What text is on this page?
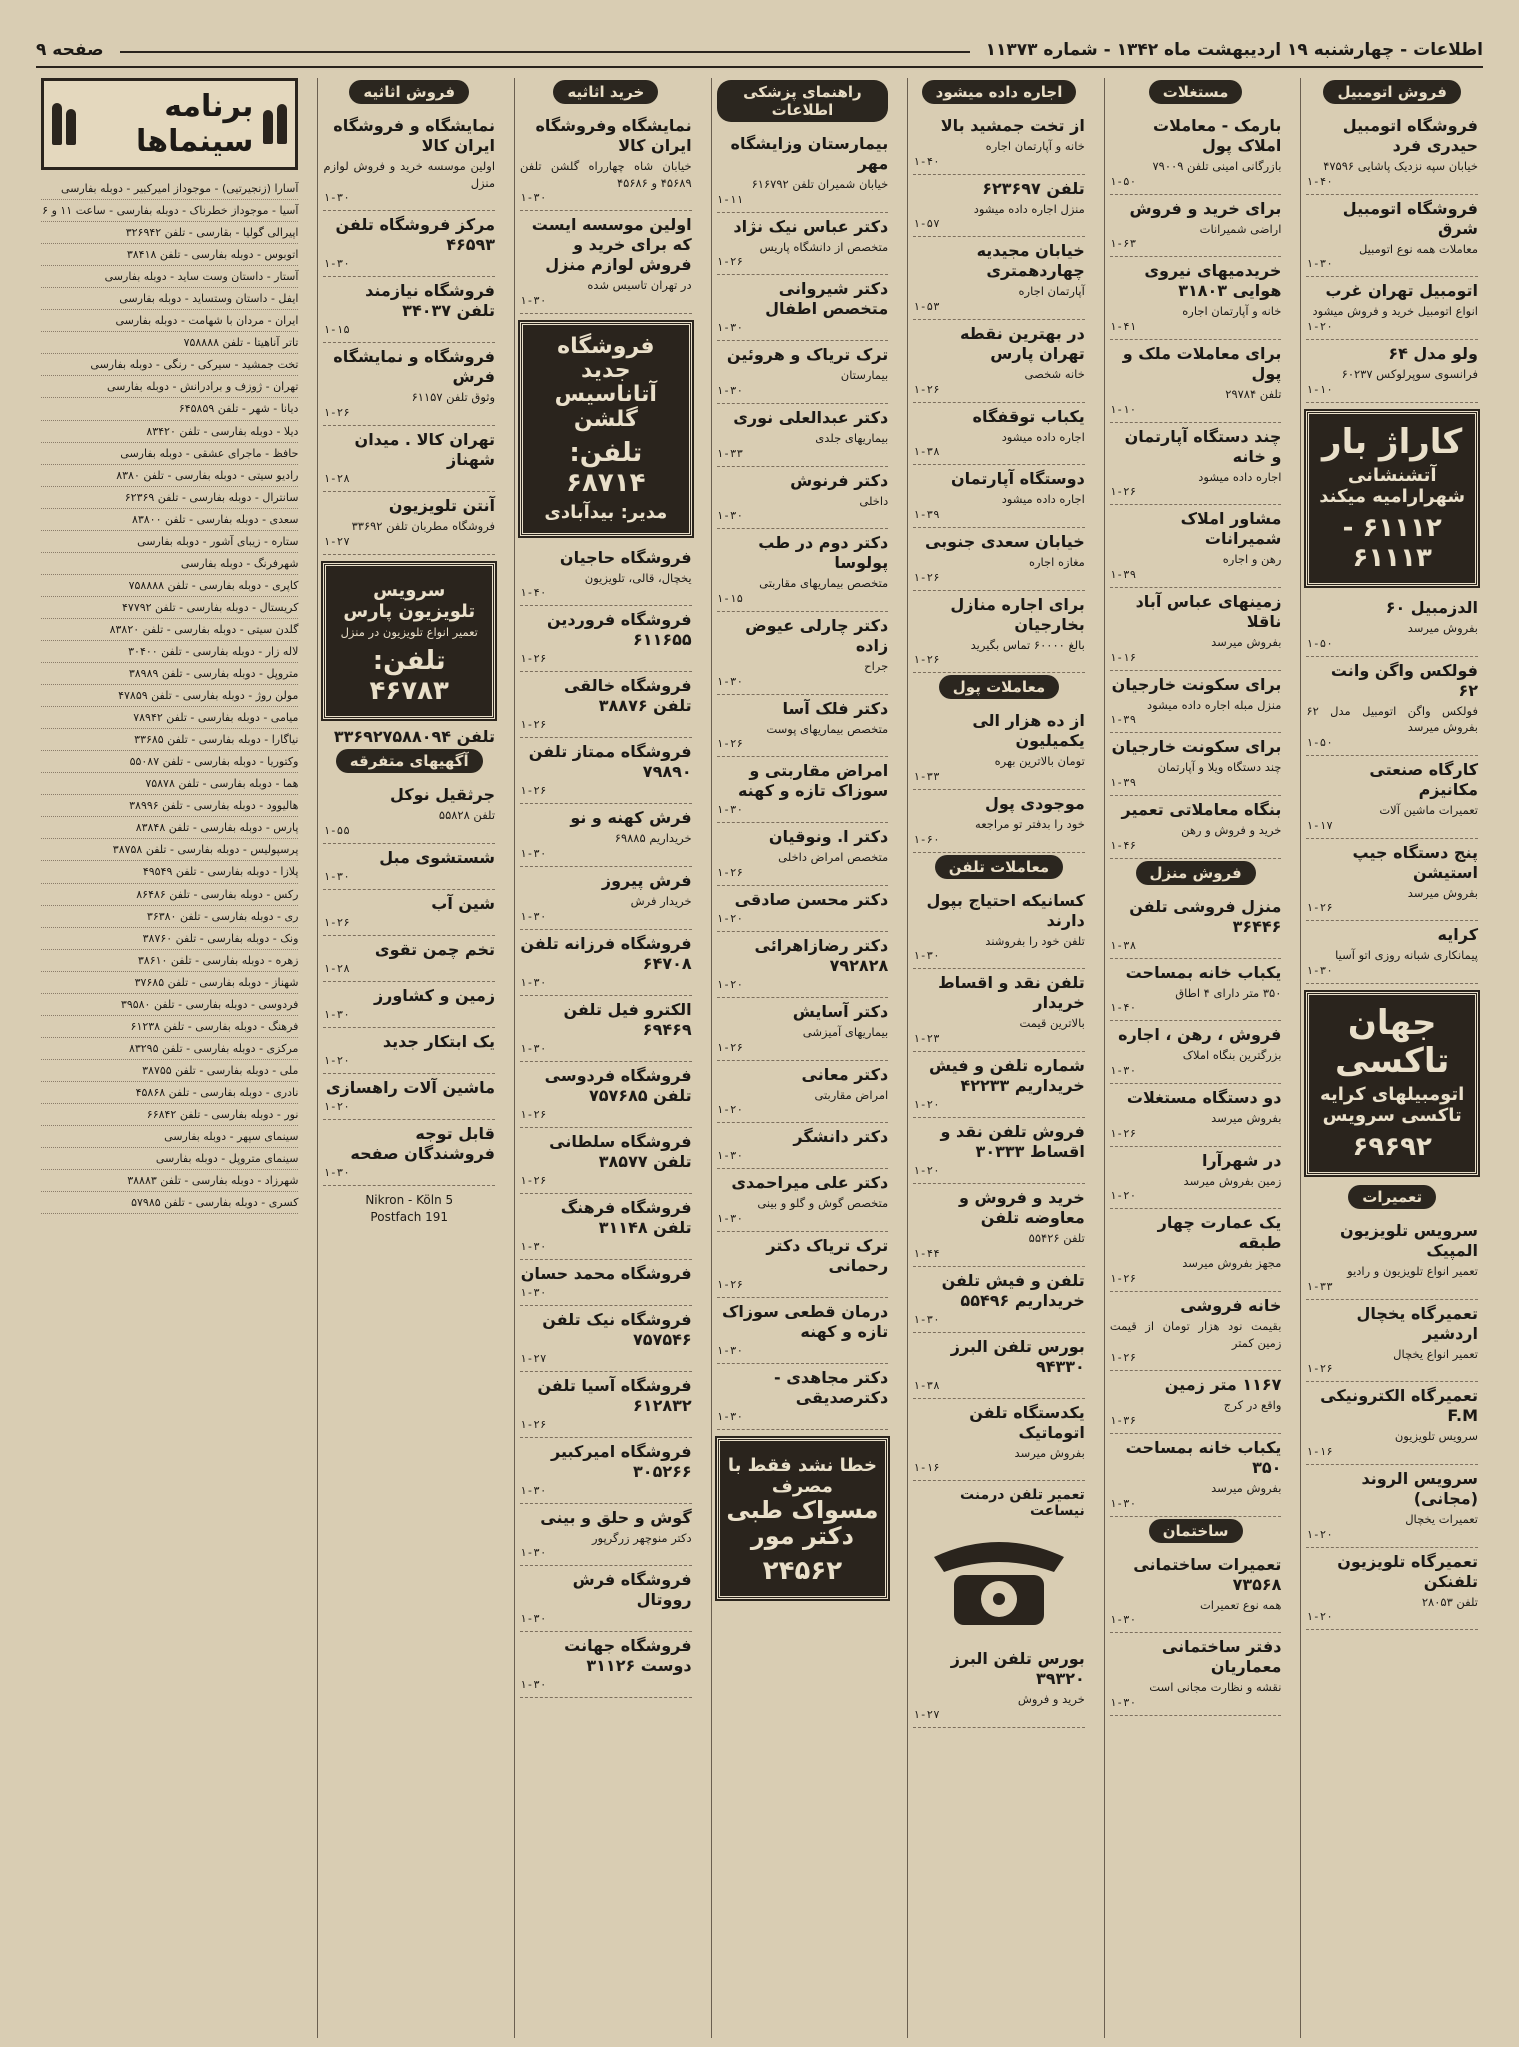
اطلاعات - چهارشنبه ۱۹ اردیبهشت ماه ۱۳۴۲ - شماره ۱۱۳۷۳
صفحه ۹
فروش اتومبیل
فروشگاه اتومبیل حیدری فرد
خیابان سپه نزدیک پاشایی ۴۷۵۹۶
۱-۴۰
فروشگاه اتومبیل شرق
معاملات همه نوع اتومبیل
۱-۳۰
اتومبیل تهران غرب
انواع اتومبیل خرید و فروش میشود
۱-۲۰
ولو مدل ۶۴
فرانسوی سوپرلوکس ۶۰۲۳۷
۱-۱۰
کاراژ بار
آتشنشانی شهرارامیه میکند
۶۱۱۱۲ - ۶۱۱۱۳
الدزمبیل ۶۰
بفروش میرسد
۱-۵۰
فولکس واگن وانت ۶۲
فولکس واگن اتومبیل مدل ۶۲ بفروش میرسد
۱-۵۰
کارگاه صنعتی مکانیزم
تعمیرات ماشین آلات
۱-۱۷
پنج دستگاه جیپ استیشن
بفروش میرسد
۱-۲۶
کرایه
پیمانکاری شبانه روزی اتو آسیا
۱-۳۰
جهان تاکسی
اتومبیلهای کرایه تاکسی سرویس
۶۹۶۹۲
تعمیرات
سرویس تلویزیون المپیک
تعمیر انواع تلویزیون و رادیو
۱-۳۳
تعمیرگاه یخچال اردشیر
تعمیر انواع یخچال
۱-۲۶
تعمیرگاه الکترونیکی F.M
سرویس تلویزیون
۱-۱۶
سرویس الروند (مجانی)
تعمیرات یخچال
۱-۲۰
تعمیرگاه تلویزیون تلفنکن
تلفن ۲۸۰۵۳
۱-۲۰
مستغلات
بارمک - معاملات املاک پول
بازرگانی امینی تلفن ۷۹۰۰۹
۱-۵۰
برای خرید و فروش
اراضی شمیرانات
۱-۶۳
خریدمیهای نیروی هوایی ۳۱۸۰۳
خانه و آپارتمان اجاره
۱-۴۱
برای معاملات ملک و پول
تلفن ۲۹۷۸۴
۱-۱۰
چند دستگاه آپارتمان و خانه
اجاره داده میشود
۱-۲۶
مشاور املاک شمیرانات
رهن و اجاره
۱-۳۹
زمینهای عباس آباد ناقلا
بفروش میرسد
۱-۱۶
برای سکونت خارجیان
منزل مبله اجاره داده میشود
۱-۳۹
برای سکونت خارجیان
چند دستگاه ویلا و آپارتمان
۱-۳۹
بنگاه معاملاتی تعمیر
خرید و فروش و رهن
۱-۴۶
فروش منزل
منزل فروشی تلفن ۳۶۴۴۶
۱-۳۸
یکباب خانه بمساحت
۳۵۰ متر دارای ۴ اطاق
۱-۴۰
فروش ، رهن ، اجاره
بزرگترین بنگاه املاک
۱-۳۰
دو دستگاه مستغلات
بفروش میرسد
۱-۲۶
در شهرآرا
زمین بفروش میرسد
۱-۲۰
یک عمارت چهار طبقه
مجهز بفروش میرسد
۱-۲۶
خانه فروشی
بقیمت نود هزار تومان از قیمت زمین کمتر
۱-۲۶
۱۱۶۷ متر زمین
واقع در کرج
۱-۳۶
یکباب خانه بمساحت ۳۵۰
بفروش میرسد
۱-۳۰
ساختمان
تعمیرات ساختمانی ۷۳۵۶۸
همه نوع تعمیرات
۱-۳۰
دفتر ساختمانی معماریان
نقشه و نظارت مجانی است
۱-۳۰
اجاره داده میشود
از تخت جمشید بالا
خانه و آپارتمان اجاره
۱-۴۰
تلفن ۶۲۳۶۹۷
منزل اجاره داده میشود
۱-۵۷
خیابان مجیدیه چهاردهمتری
آپارتمان اجاره
۱-۵۳
در بهترین نقطه تهران پارس
خانه شخصی
۱-۲۶
یکباب توقفگاه
اجاره داده میشود
۱-۳۸
دوستگاه آپارتمان
اجاره داده میشود
۱-۳۹
خیابان سعدی جنوبی
مغازه اجاره
۱-۲۶
برای اجاره منازل بخارجیان
بالغ ۶۰۰۰۰ تماس بگیرید
۱-۲۶
معاملات پول
از ده هزار الی یکمیلیون
تومان بالاترین بهره
۱-۳۳
موجودی پول
خود را بدفتر تو مراجعه
۱-۶۰
معاملات تلفن
کسانیکه احتیاج بپول دارند
تلفن خود را بفروشند
۱-۳۰
تلفن نقد و اقساط خریدار
بالاترین قیمت
۱-۲۳
شماره تلفن و فیش خریداریم ۴۲۲۳۳
۱-۲۰
فروش تلفن نقد و اقساط ۳۰۳۳۳
۱-۲۰
خرید و فروش و معاوضه تلفن
تلفن ۵۵۴۲۶
۱-۴۴
تلفن و فیش تلفن خریداریم ۵۵۴۹۶
۱-۳۰
بورس تلفن البرز ۹۴۳۳۰
۱-۳۸
یکدستگاه تلفن اتوماتیک
بفروش میرسد
۱-۱۶
تعمیر تلفن درمنت نیساعت
بورس تلفن البرز ۳۹۳۲۰
خرید و فروش
۱-۲۷
راهنمای پزشکی اطلاعات
بیمارستان وزایشگاه مهر
خیابان شمیران تلفن ۶۱۶۷۹۲
۱-۱۱
دکتر عباس نیک نژاد
متخصص از دانشگاه پاریس
۱-۲۶
دکتر شیروانی متخصص اطفال
۱-۳۰
ترک تریاک و هروئین
بیمارستان
۱-۳۰
دکتر عبدالعلی نوری
بیماریهای جلدی
۱-۳۳
دکتر فرنوش
داخلی
۱-۳۰
دکتر دوم در طب پولوسا
متخصص بیماریهای مقاربتی
۱-۱۵
دکتر چارلی عیوض زاده
جراح
۱-۳۰
دکتر فلک آسا
متخصص بیماریهای پوست
۱-۲۶
امراض مقاربتی و سوزاک تازه و کهنه
۱-۳۰
دکتر ا. ونوقیان
متخصص امراض داخلی
۱-۲۶
دکتر محسن صادقی
۱-۲۰
دکتر رضازاهرائی ۷۹۲۸۲۸
۱-۲۰
دکتر آسایش
بیماریهای آمیزشی
۱-۲۶
دکتر معانی
امراض مقاربتی
۱-۲۰
دکتر دانشگر
۱-۳۰
دکتر علی میراحمدی
متخصص گوش و گلو و بینی
۱-۳۰
ترک تریاک دکتر رحمانی
۱-۲۶
درمان قطعی سوزاک تازه و کهنه
۱-۳۰
دکتر مجاهدی - دکترصدیقی
۱-۳۰
خطا نشد فقط با مصرف
مسواک طبی دکتر مور
۲۴۵۶۲
خرید اثاثیه
نمایشگاه وفروشگاه ایران کالا
خیابان شاه چهارراه گلشن تلفن ۴۵۶۸۹ و ۴۵۶۸۶
۱-۳۰
اولین موسسه ایست که برای خرید و فروش لوازم منزل
در تهران تاسیس شده
۱-۳۰
فروشگاه جدید آتاناسیس گلشن
تلفن: ۶۸۷۱۴
مدیر: بیدآبادی
فروشگاه حاجیان
یخچال، قالی، تلویزیون
۱-۴۰
فروشگاه فروردین ۶۱۱۶۵۵
۱-۲۶
فروشگاه خالقی تلفن ۳۸۸۷۶
۱-۲۶
فروشگاه ممتاز تلفن ۷۹۸۹۰
۱-۲۶
فرش کهنه و نو
خریداریم ۶۹۸۸۵
۱-۳۰
فرش پیروز
خریدار فرش
۱-۳۰
فروشگاه فرزانه تلفن ۶۴۷۰۸
۱-۳۰
الکترو فیل تلفن ۶۹۴۶۹
۱-۳۰
فروشگاه فردوسی تلفن ۷۵۷۶۸۵
۱-۲۶
فروشگاه سلطانی تلفن ۳۸۵۷۷
۱-۲۶
فروشگاه فرهنگ تلفن ۳۱۱۴۸
۱-۳۰
فروشگاه محمد حسان
۱-۳۰
فروشگاه نیک تلفن ۷۵۷۵۴۶
۱-۲۷
فروشگاه آسیا تلفن ۶۱۲۸۳۲
۱-۲۶
فروشگاه امیرکبیر ۳۰۵۲۶۶
۱-۳۰
گوش و حلق و بینی
دکتر منوچهر زرگرپور
۱-۳۰
فروشگاه فرش رووتال
۱-۳۰
فروشگاه جهانت دوست ۳۱۱۲۶
۱-۳۰
فروش اثاثیه
نمایشگاه و فروشگاه ایران کالا
اولین موسسه خرید و فروش لوازم منزل
۱-۳۰
مرکز فروشگاه تلفن ۴۶۵۹۳
۱-۳۰
فروشگاه نیازمند تلفن ۳۴۰۳۷
۱-۱۵
فروشگاه و نمایشگاه فرش
وثوق تلفن ۶۱۱۵۷
۱-۲۶
تهران کالا . میدان شهناز
۱-۲۸
آنتن تلویزیون
فروشگاه مطربان تلفن ۳۳۶۹۲
۱-۲۷
سرویس تلویزیون پارس
تعمیر انواع تلویزیون در منزل
تلفن: ۴۶۷۸۳
تلفن ۳۳۶۹۲۷۵۸۸۰۹۴
آگهیهای متفرقه
جرثقیل نوکل
تلفن ۵۵۸۲۸
۱-۵۵
شستشوی مبل
۱-۳۰
شین آب
۱-۲۶
تخم چمن تقوی
۱-۲۸
زمین و کشاورز
۱-۳۰
یک ابتکار جدید
۱-۲۰
ماشین آلات راهسازی
۱-۲۰
قابل توجه فروشندگان صفحه
۱-۳۰
Nikron - Köln 5
Postfach 191
برنامه سینماها
آسارا (زنجیرتیی) - موجوداز امیرکبیر - دوبله بفارسی
آسیا - موجوداز خطرناک - دوبله بفارسی - ساعت ۱۱ و ۶
اپیرالی گولیا - بقارسی - تلفن ۳۲۶۹۴۲
اتوبوس - دوبله بفارسی - تلفن ۳۸۴۱۸
آستار - داستان وست ساید - دوبله بفارسی
ایفل - داستان وستساید - دوبله بفارسی
ایران - مردان با شهامت - دوبله بفارسی
تاتر آناهیتا - تلفن ۷۵۸۸۸۸
تخت جمشید - سیرکی - رنگی - دوبله بفارسی
تهران - ژوزف و برادرانش - دوبله بفارسی
دیانا - شهر - تلفن ۶۴۵۸۵۹
دیلا - دوبله بفارسی - تلفن ۸۳۴۲۰
حافظ - ماجرای عشقی - دوبله بفارسی
رادیو سیتی - دوبله بفارسی - تلفن ۸۳۸۰
سانترال - دوبله بفارسی - تلفن ۶۲۳۶۹
سعدی - دوبله بفارسی - تلفن ۸۳۸۰۰
ستاره - زیبای آشور - دوبله بفارسی
شهرفرنگ - دوبله بفارسی
کاپری - دوبله بفارسی - تلفن ۷۵۸۸۸۸
کریستال - دوبله بفارسی - تلفن ۴۷۷۹۲
گلدن سیتی - دوبله بفارسی - تلفن ۸۳۸۲۰
لاله زار - دوبله بفارسی - تلفن ۳۰۴۰۰
متروپل - دوبله بفارسی - تلفن ۳۸۹۸۹
مولن روژ - دوبله بفارسی - تلفن ۴۷۸۵۹
میامی - دوبله بفارسی - تلفن ۷۸۹۴۲
نیاگارا - دوبله بفارسی - تلفن ۳۳۶۸۵
وکتوریا - دوبله بفارسی - تلفن ۵۵۰۸۷
هما - دوبله بفارسی - تلفن ۷۵۸۷۸
هالیوود - دوبله بفارسی - تلفن ۳۸۹۹۶
پارس - دوبله بفارسی - تلفن ۸۳۸۴۸
پرسپولیس - دوبله بفارسی - تلفن ۳۸۷۵۸
پلازا - دوبله بفارسی - تلفن ۴۹۵۴۹
رکس - دوبله بفارسی - تلفن ۸۶۴۸۶
ری - دوبله بفارسی - تلفن ۳۶۳۸۰
ونک - دوبله بفارسی - تلفن ۳۸۷۶۰
زهره - دوبله بفارسی - تلفن ۳۸۶۱۰
شهناز - دوبله بفارسی - تلفن ۳۷۶۸۵
فردوسی - دوبله بفارسی - تلفن ۳۹۵۸۰
فرهنگ - دوبله بفارسی - تلفن ۶۱۲۳۸
مرکزی - دوبله بفارسی - تلفن ۸۳۲۹۵
ملی - دوبله بفارسی - تلفن ۳۸۷۵۵
نادری - دوبله بفارسی - تلفن ۴۵۸۶۸
نور - دوبله بفارسی - تلفن ۶۶۸۴۲
سینمای سپهر - دوبله بفارسی
سینمای متروپل - دوبله بفارسی
شهرزاد - دوبله بفارسی - تلفن ۳۸۸۸۳
کسری - دوبله بفارسی - تلفن ۵۷۹۸۵
